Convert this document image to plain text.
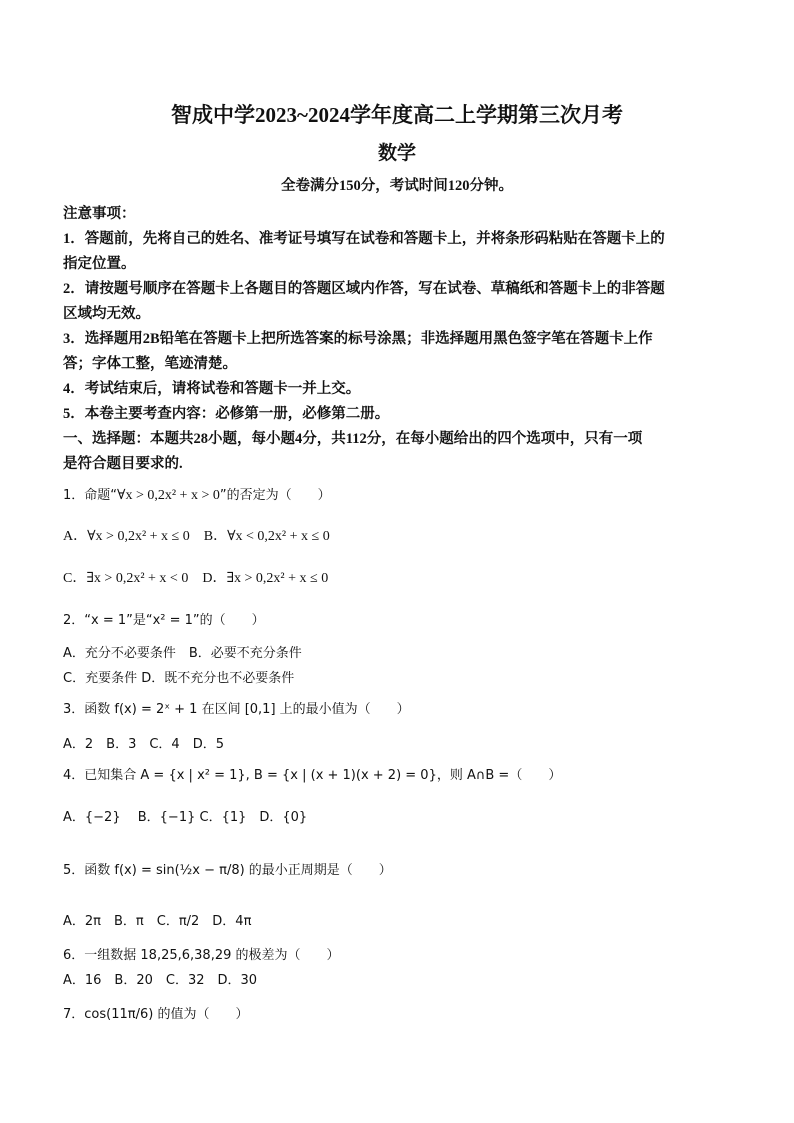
智成中学2023~2024学年度高二上学期第三次月考
数学
全卷满分150分，考试时间120分钟。
注意事项：
1．答题前，先将自己的姓名、准考证号填写在试卷和答题卡上，并将条形码粘贴在答题卡上的
指定位置。
2．请按题号顺序在答题卡上各题目的答题区域内作答，写在试卷、草稿纸和答题卡上的非答题
区域均无效。
3．选择题用2B铅笔在答题卡上把所选答案的标号涂黑；非选择题用黑色签字笔在答题卡上作
答；字体工整，笔迹清楚。
4．考试结束后，请将试卷和答题卡一并上交。
5．本卷主要考查内容：必修第一册，必修第二册。
一、选择题：本题共28小题，每小题4分，共112分，在每小题给出的四个选项中，只有一项
是符合题目要求的.
1．命题“∀x > 0,2x² + x > 0”的否定为（　　）
A．∀x > 0,2x² + x ≤ 0 B．∀x < 0,2x² + x ≤ 0
C．∃x > 0,2x² + x < 0 D．∃x > 0,2x² + x ≤ 0
2．“x = 1”是“x² = 1”的（　　）
A．充分不必要条件　B．必要不充分条件
C．充要条件 D．既不充分也不必要条件
3．函数 f(x) = 2ˣ + 1 在区间 [0,1] 上的最小值为（　　）
A．2　B．3　C．4　D．5
4．已知集合 A = {x | x² = 1}, B = {x | (x + 1)(x + 2) = 0}，则 A∩B =（　　）
A．{−2}　 B．{−1} C．{1}　D．{0}
5．函数 f(x) = sin(½x − π/8) 的最小正周期是（　　）
A．2π　B．π　C．π/2　D．4π
6．一组数据 18,25,6,38,29 的极差为（　　）
A．16　B．20　C．32　D．30
7．cos(11π/6) 的值为（　　）
